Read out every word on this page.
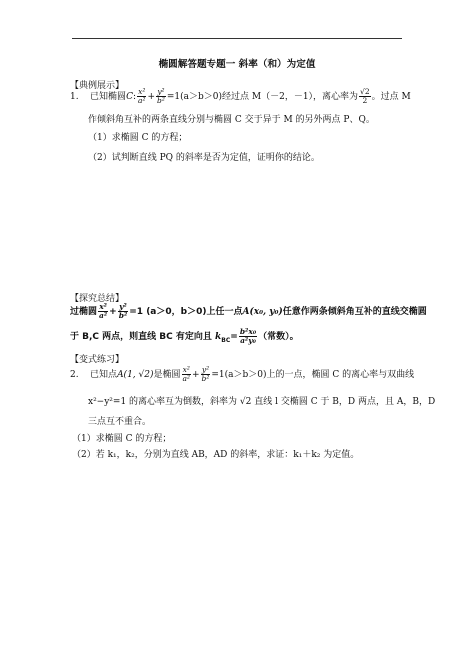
椭圆解答题专题一 斜率（和）为定值
【典例展示】
1. 已知椭圆C: $\frac{\text{x²}}{\text{a²}} + \frac{\text{y²}}{\text{b²}} =1(a>b>0)$经过点 M（－2，－1），离心率为 $\frac{√2}{2}$ 。过点 M
作倾斜角互补的两条直线分别与椭圆 C 交于异于 M 的另外两点 P、Q。
（1）求椭圆 C 的方程；
（2）试判断直线 PQ 的斜率是否为定值，证明你的结论。
【探究总结】
过椭圆 $\frac{\text{x²}}{\text{a²}} + \frac{\text{y²}}{\text{b²}} =1$ (a＞0，b＞0)上任一点A(x₀, y₀)任意作两条倾斜角互补的直线交椭圆
于 B,C 两点，则直线 BC 有定向且 $k_{BC}= \frac{\text{b²x₀}}{\text{a²y₀}}$ （常数）。
【变式练习】
2. 已知点A(1, √2)是椭圆 $\frac{\text{x²}}{\text{a²}} + \frac{\text{y²}}{\text{b²}} =1(a>b>0)$上的一点，椭圆 C 的离心率与双曲线
x²−y²=1 的离心率互为倒数，斜率为 √2 直线 l 交椭圆 C 于 B，D 两点，且 A，B，D
三点互不重合。
（1）求椭圆 C 的方程；
（2）若 k₁，k₂，分别为直线 AB，AD 的斜率，求证：k₁＋k₂ 为定值。
